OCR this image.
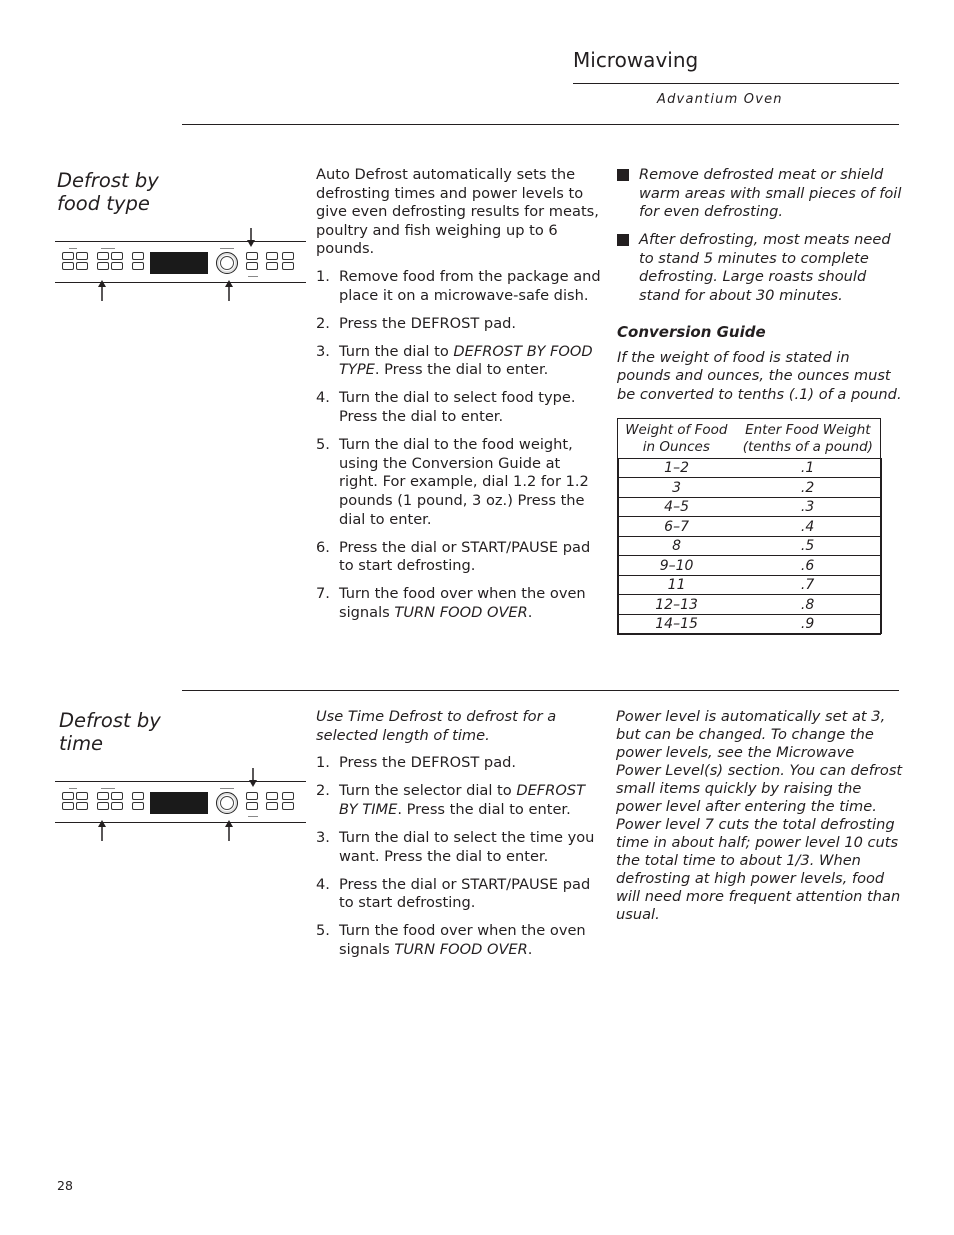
Microwaving
Advantium Oven
Defrost by
food type

Auto Defrost automatically sets the defrosting times and power levels to give even defrosting results for meats, poultry and fish weighing up to 6 pounds.

1. Remove food from the package and place it on a microwave-safe dish.
2. Press the DEFROST pad.
3. Turn the dial to DEFROST BY FOOD TYPE. Press the dial to enter.
4. Turn the dial to select food type. Press the dial to enter.
5. Turn the dial to the food weight, using the Conversion Guide at right. For example, dial 1.2 for 1.2 pounds (1 pound, 3 oz.) Press the dial to enter.
6. Press the dial or START/PAUSE pad to start defrosting.
7. Turn the food over when the oven signals TURN FOOD OVER.
Remove defrosted meat or shield warm areas with small pieces of foil for even defrosting.
After defrosting, most meats need to stand 5 minutes to complete defrosting. Large roasts should stand for about 30 minutes.
Conversion Guide

If the weight of food is stated in pounds and ounces, the ounces must be converted to tenths (.1) of a pound.

Weight of Food
in Ounces	Enter Food Weight
(tenths of a pound)
1–2	.1
3	.2
4–5	.3
6–7	.4
8	.5
9–10	.6
11	.7
12–13	.8
14–15	.9
Defrost by
time

Use Time Defrost to defrost for a selected length of time.

1. Press the DEFROST pad.
2. Turn the selector dial to DEFROST BY TIME. Press the dial to enter.
3. Turn the dial to select the time you want. Press the dial to enter.
4. Press the dial or START/PAUSE pad to start defrosting.
5. Turn the food over when the oven signals TURN FOOD OVER.

Power level is automatically set at 3, but can be changed. To change the power levels, see the Microwave Power Level(s) section. You can defrost small items quickly by raising the power level after entering the time. Power level 7 cuts the total defrosting time in about half; power level 10 cuts the total time to about 1/3. When defrosting at high power levels, food will need more frequent attention than usual.

28
